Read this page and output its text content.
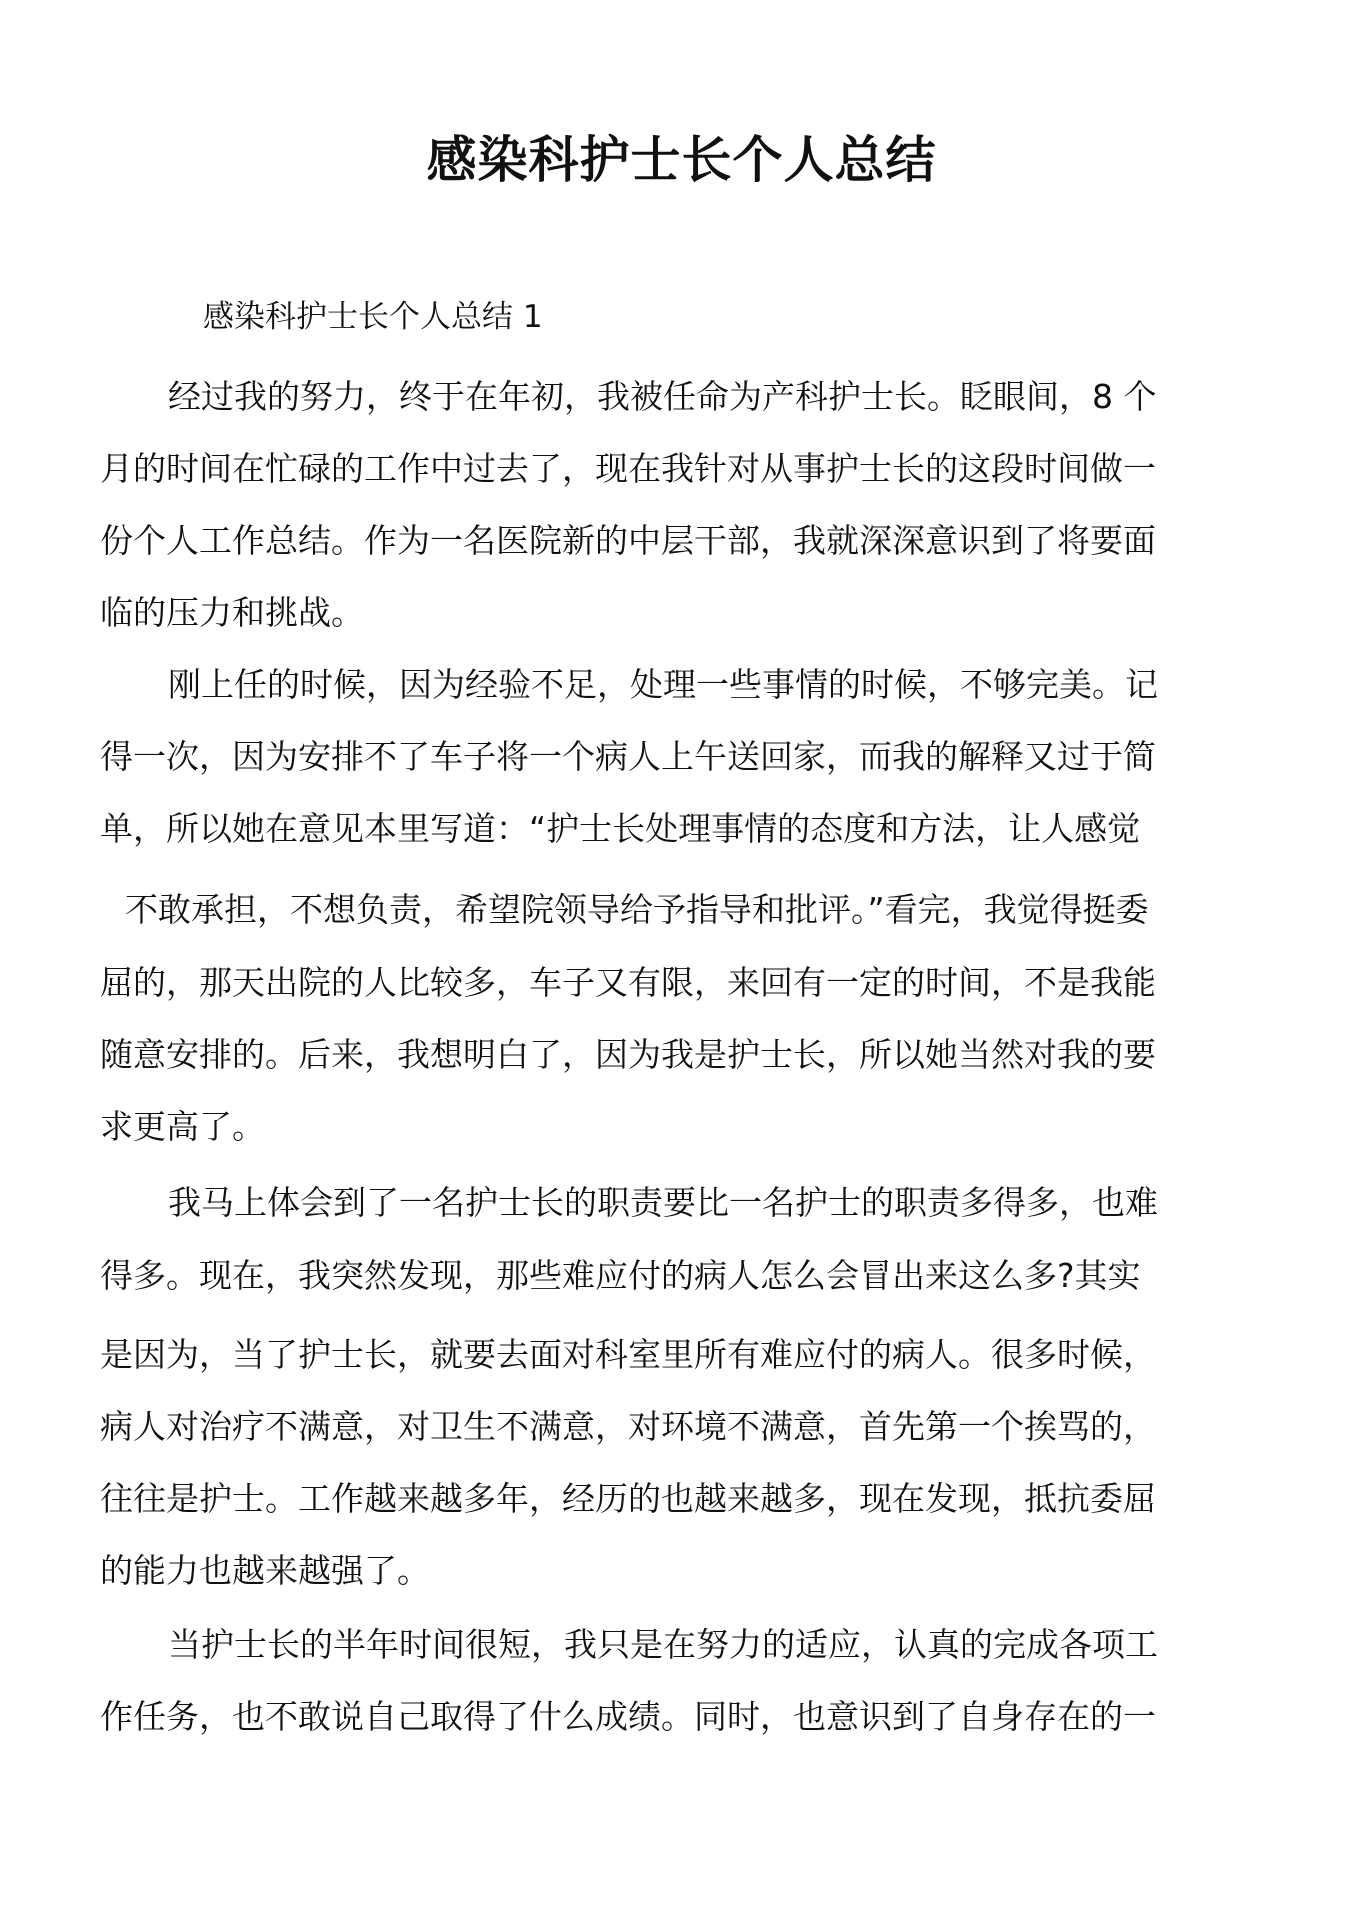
感染科护士长个人总结

感染科护士长个人总结 1

经过我的努力，终于在年初，我被任命为产科护士长。眨眼间，8 个

月的时间在忙碌的工作中过去了，现在我针对从事护士长的这段时间做一

份个人工作总结。作为一名医院新的中层干部，我就深深意识到了将要面

临的压力和挑战。

刚上任的时候，因为经验不足，处理一些事情的时候，不够完美。记

得一次，因为安排不了车子将一个病人上午送回家，而我的解释又过于简

单，所以她在意见本里写道：“护士长处理事情的态度和方法，让人感觉

不敢承担，不想负责，希望院领导给予指导和批评。”看完，我觉得挺委

屈的，那天出院的人比较多，车子又有限，来回有一定的时间，不是我能

随意安排的。后来，我想明白了，因为我是护士长，所以她当然对我的要

求更高了。

我马上体会到了一名护士长的职责要比一名护士的职责多得多，也难

得多。现在，我突然发现，那些难应付的病人怎么会冒出来这么多?其实

是因为，当了护士长，就要去面对科室里所有难应付的病人。很多时候，

病人对治疗不满意，对卫生不满意，对环境不满意，首先第一个挨骂的，

往往是护士。工作越来越多年，经历的也越来越多，现在发现，抵抗委屈

的能力也越来越强了。

当护士长的半年时间很短，我只是在努力的适应，认真的完成各项工

作任务，也不敢说自己取得了什么成绩。同时，也意识到了自身存在的一
